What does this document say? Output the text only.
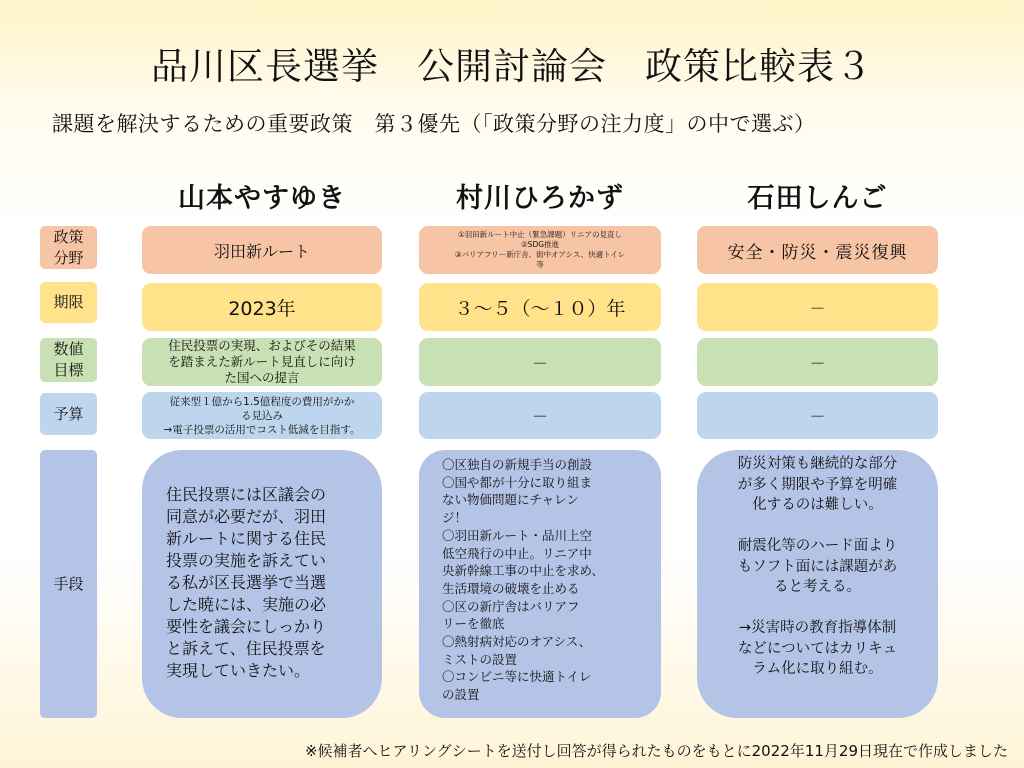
品川区長選挙　公開討論会　政策比較表３
課題を解決するための重要政策　第３優先（「政策分野の注力度」の中で選ぶ）
山本やすゆき	村川ひろかず	石田しんご
政策
分野
期限
数値
目標
予算
手段
羽田新ルート
2023年
住民投票の実現、およびその結果
を踏まえた新ルート見直しに向け
た国への提言
従来型１億から1.5億程度の費用がかか
る見込み
→電子投票の活用でコスト低減を目指す。
住民投票には区議会の
同意が必要だが、羽田
新ルートに関する住民
投票の実施を訴えてい
る私が区長選挙で当選
した暁には、実施の必
要性を議会にしっかり
と訴えて、住民投票を
実現していきたい。
①羽田新ルート中止（緊急課題）リニアの見直し
②SDG推進
③バリアフリー新庁舎、街中オアシス、快適トイレ
等
３～５（～１０）年
－
－
〇区独自の新規手当の創設
〇国や都が十分に取り組ま
ない物価問題にチャレン
ジ！
〇羽田新ルート・品川上空
低空飛行の中止。リニア中
央新幹線工事の中止を求め、
生活環境の破壊を止める
〇区の新庁舎はバリアフ
リーを徹底
〇熱射病対応のオアシス、
ミストの設置
〇コンビニ等に快適トイレ
の設置
安全・防災・震災復興
－
－
－
防災対策も継続的な部分
が多く期限や予算を明確
化するのは難しい。

耐震化等のハード面より
もソフト面には課題があ
ると考える。

→災害時の教育指導体制
などについてはカリキュ
ラム化に取り組む。
※候補者へヒアリングシートを送付し回答が得られたものをもとに2022年11月29日現在で作成しました
